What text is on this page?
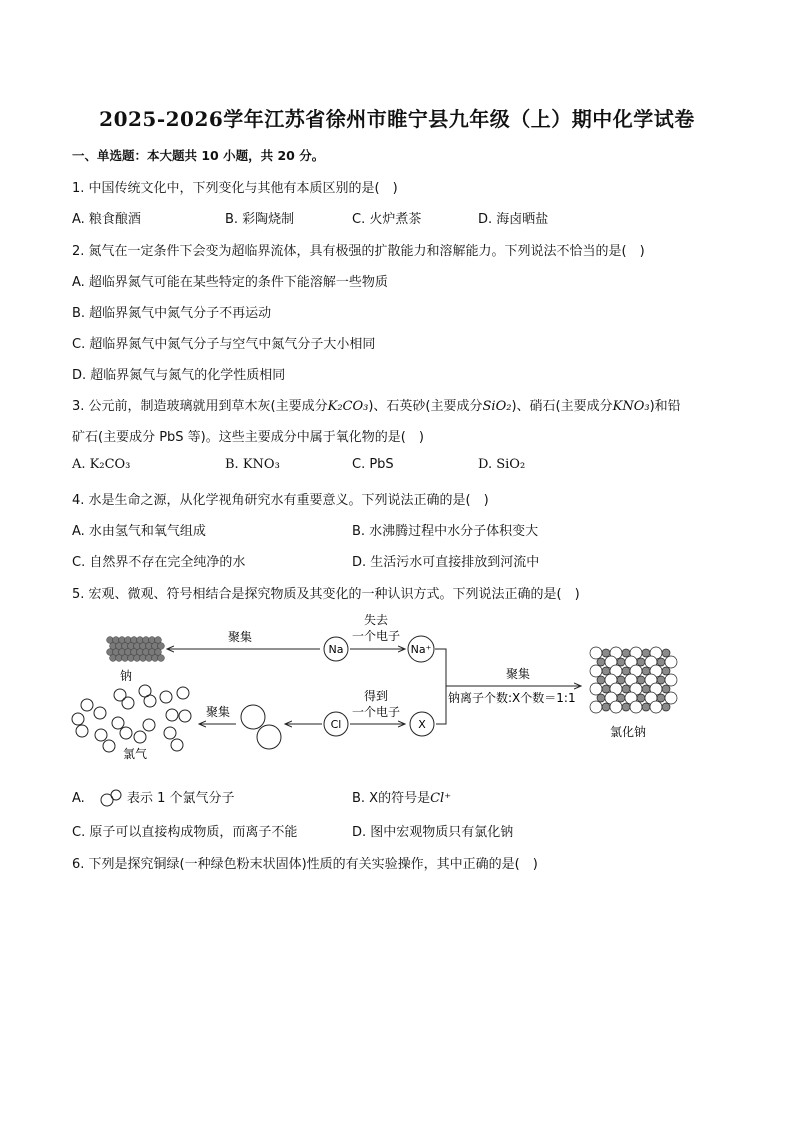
2025-2026学年江苏省徐州市睢宁县九年级（上）期中化学试卷
一、单选题：本大题共 10 小题，共 20 分。
1. 中国传统文化中，下列变化与其他有本质区别的是(　)
A. 粮食酿酒	B. 彩陶烧制	C. 火炉煮茶	D. 海卤晒盐
2. 氮气在一定条件下会变为超临界流体，具有极强的扩散能力和溶解能力。下列说法不恰当的是(　)
A. 超临界氮气可能在某些特定的条件下能溶解一些物质
B. 超临界氮气中氮气分子不再运动
C. 超临界氮气中氮气分子与空气中氮气分子大小相同
D. 超临界氮气与氮气的化学性质相同
3. 公元前，制造玻璃就用到草木灰(主要成分K₂CO₃)、石英砂(主要成分SiO₂)、硝石(主要成分KNO₃)和铅
矿石(主要成分 PbS 等)。这些主要成分中属于氧化物的是(　)
A. K₂CO₃	B. KNO₃	C. PbS	D. SiO₂
4. 水是生命之源，从化学视角研究水有重要意义。下列说法正确的是(　)
A. 水由氢气和氧气组成	B. 水沸腾过程中水分子体积变大
C. 自然界不存在完全纯净的水	D. 生活污水可直接排放到河流中
5. 宏观、微观、符号相结合是探究物质及其变化的一种认识方式。下列说法正确的是(　)
钠
聚集
Na
失去
一个电子
Na⁺
聚集
钠离子个数:X个数＝1:1
氯化钠
氯气
聚集
Cl
得到
一个电子
X
A.	表示 1 个氯气分子	B. X的符号是Cl⁺
C. 原子可以直接构成物质，而离子不能	D. 图中宏观物质只有氯化钠
6. 下列是探究铜绿(一种绿色粉末状固体)性质的有关实验操作，其中正确的是(　)
